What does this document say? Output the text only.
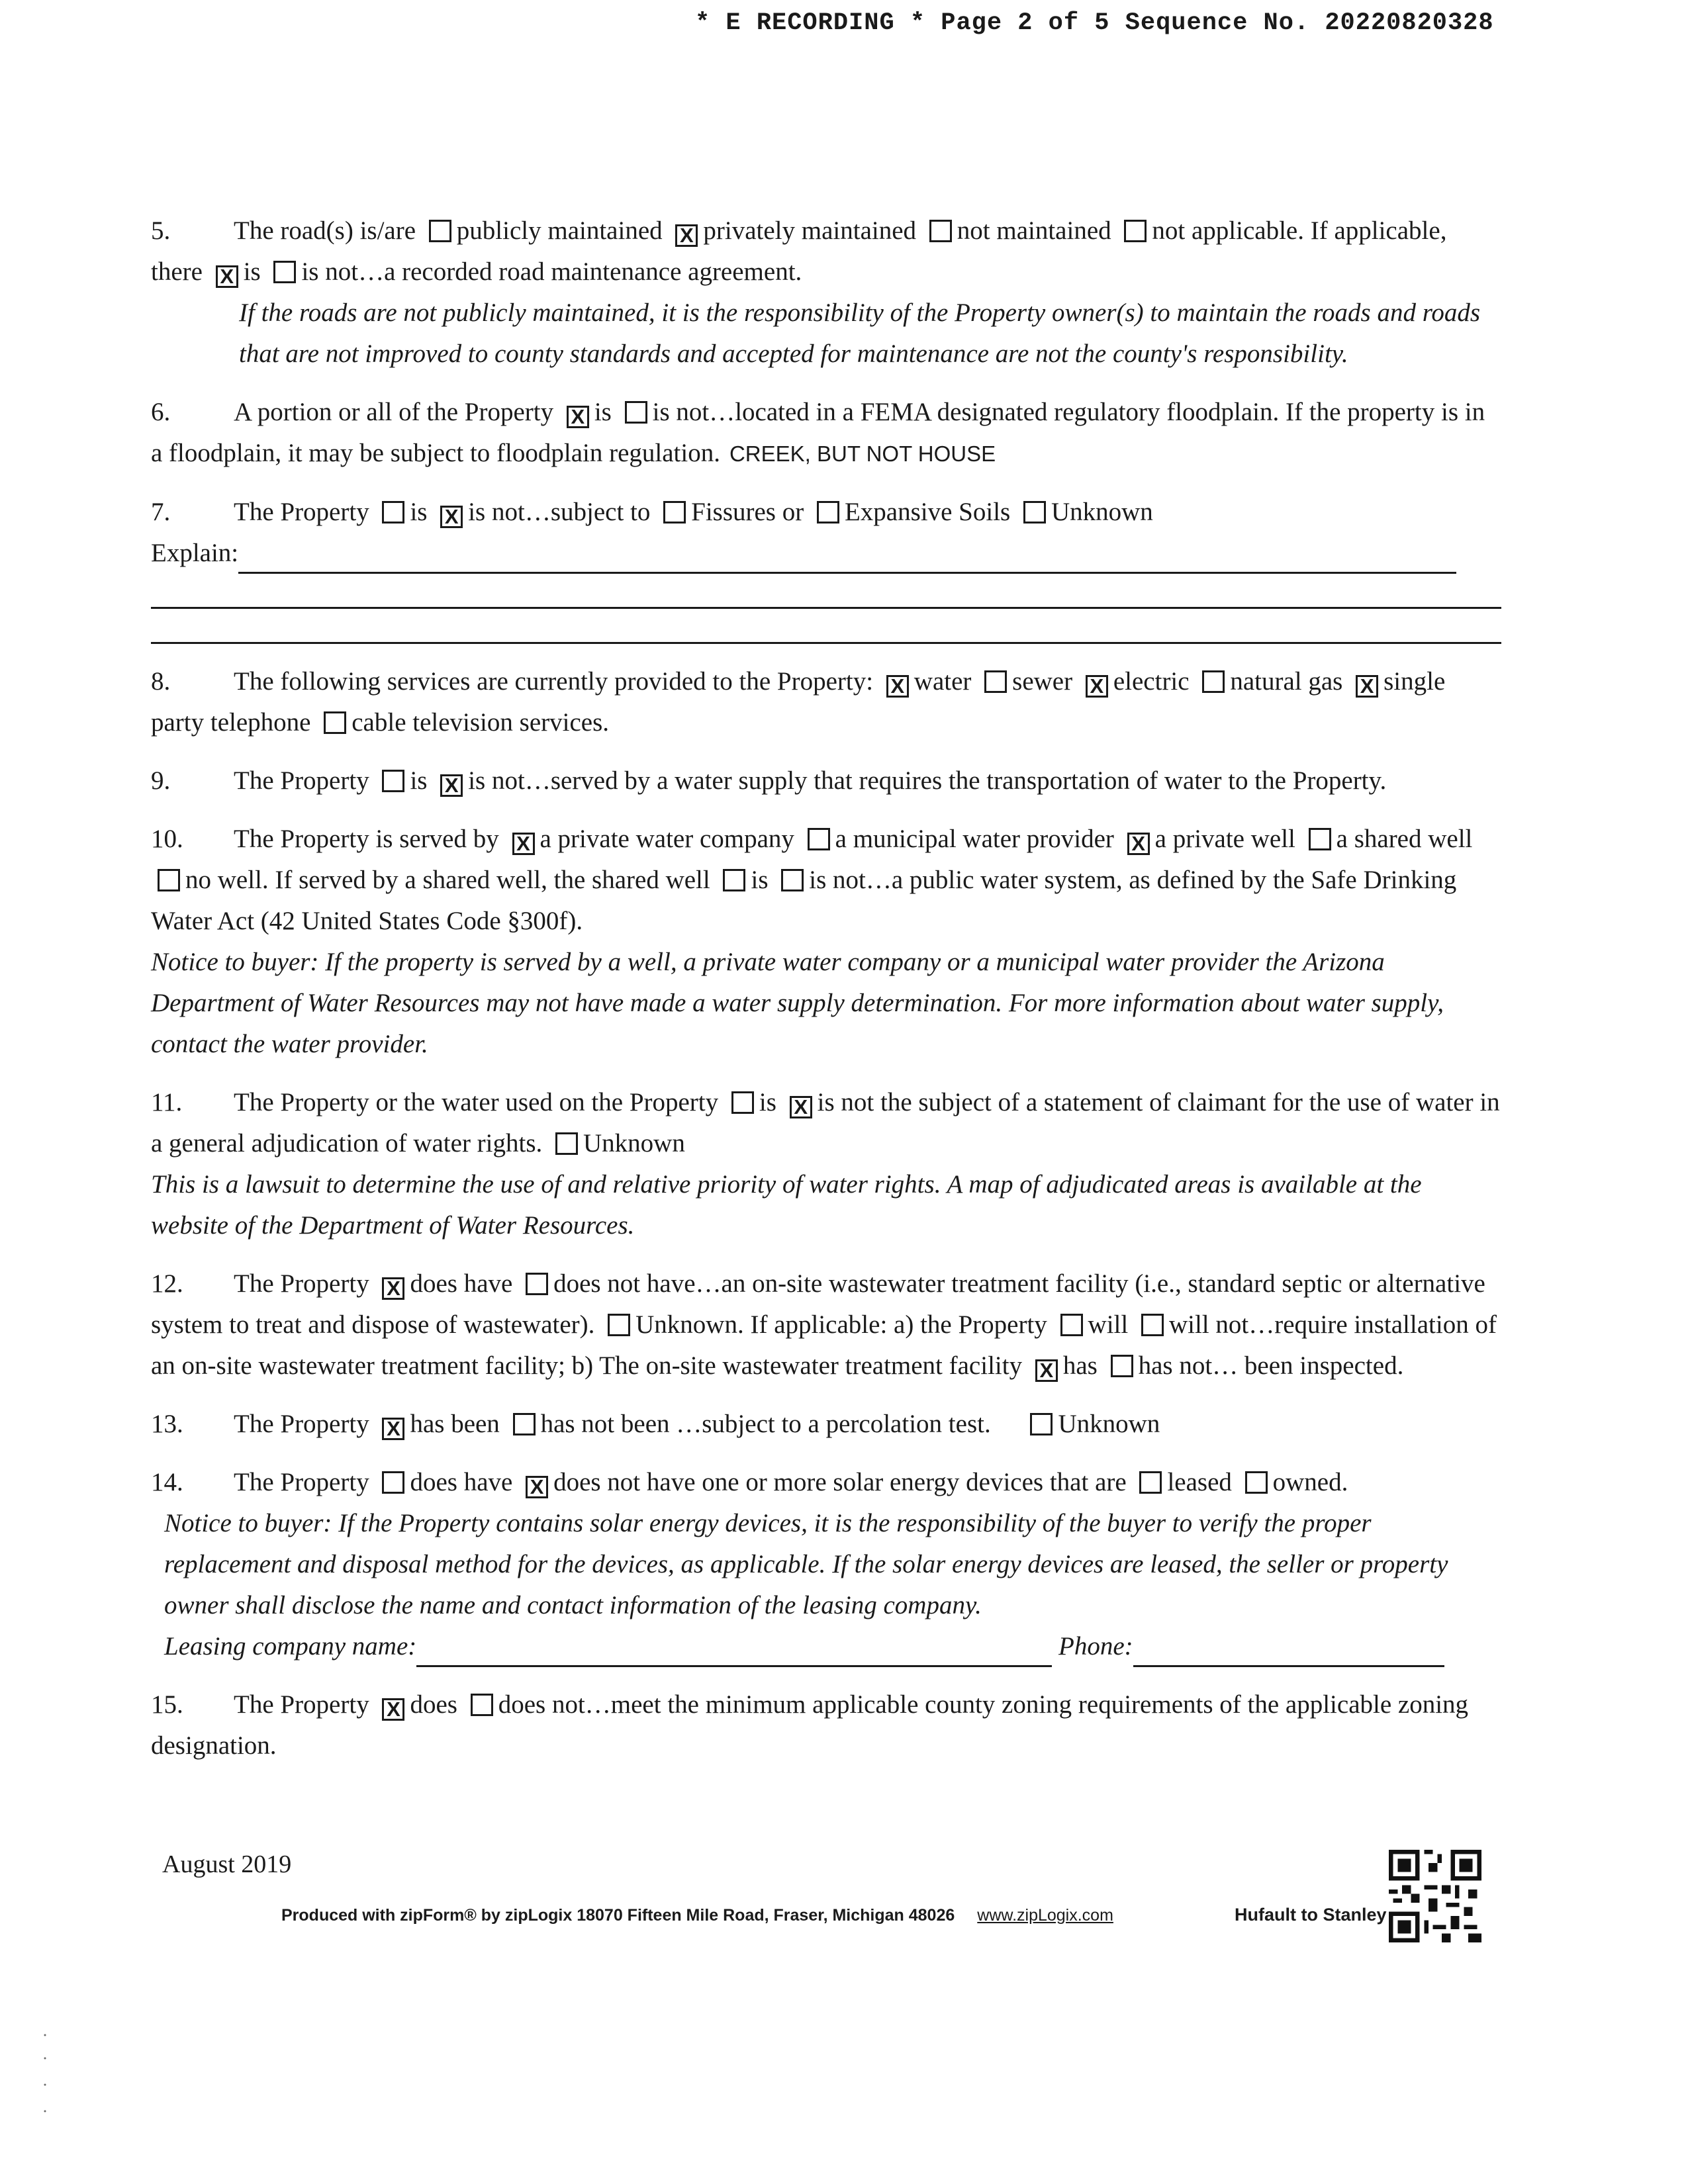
* E RECORDING * Page 2 of 5 Sequence No. 20220820328
5. The road(s) is/are publicly maintained X privately maintained not maintained not applicable. If applicable, there X is is not…a recorded road maintenance agreement.
If the roads are not publicly maintained, it is the responsibility of the Property owner(s) to maintain the roads and roads that are not improved to county standards and accepted for maintenance are not the county's responsibility.
6. A portion or all of the Property X is is not…located in a FEMA designated regulatory floodplain. If the property is in a floodplain, it may be subject to floodplain regulation. CREEK, BUT NOT HOUSE
7. The Property is X is not…subject to Fissures or Expansive Soils Unknown
Explain:
8. The following services are currently provided to the Property: X water sewer X electric natural gas X single party telephone cable television services.
9. The Property is X is not…served by a water supply that requires the transportation of water to the Property.
10. The Property is served by X a private water company a municipal water provider X a private well a shared well no well. If served by a shared well, the shared well is is not…a public water system, as defined by the Safe Drinking Water Act (42 United States Code §300f).
Notice to buyer: If the property is served by a well, a private water company or a municipal water provider the Arizona Department of Water Resources may not have made a water supply determination. For more information about water supply, contact the water provider.
11. The Property or the water used on the Property is X is not the subject of a statement of claimant for the use of water in a general adjudication of water rights. Unknown
This is a lawsuit to determine the use of and relative priority of water rights. A map of adjudicated areas is available at the website of the Department of Water Resources.
12. The Property X does have does not have…an on-site wastewater treatment facility (i.e., standard septic or alternative system to treat and dispose of wastewater). Unknown. If applicable: a) the Property will will not…require installation of an on-site wastewater treatment facility; b) The on-site wastewater treatment facility X has has not… been inspected.
13. The Property X has been has not been …subject to a percolation test.	Unknown
14. The Property does have X does not have one or more solar energy devices that are leased owned.
Notice to buyer: If the Property contains solar energy devices, it is the responsibility of the buyer to verify the proper replacement and disposal method for the devices, as applicable. If the solar energy devices are leased, the seller or property owner shall disclose the name and contact information of the leasing company.
Leasing company name:	Phone:
15. The Property X does does not…meet the minimum applicable county zoning requirements of the applicable zoning designation.
August 2019
Produced with zipForm® by zipLogix 18070 Fifteen Mile Road, Fraser, Michigan 48026 www.zipLogix.com	Hufault to Stanley
